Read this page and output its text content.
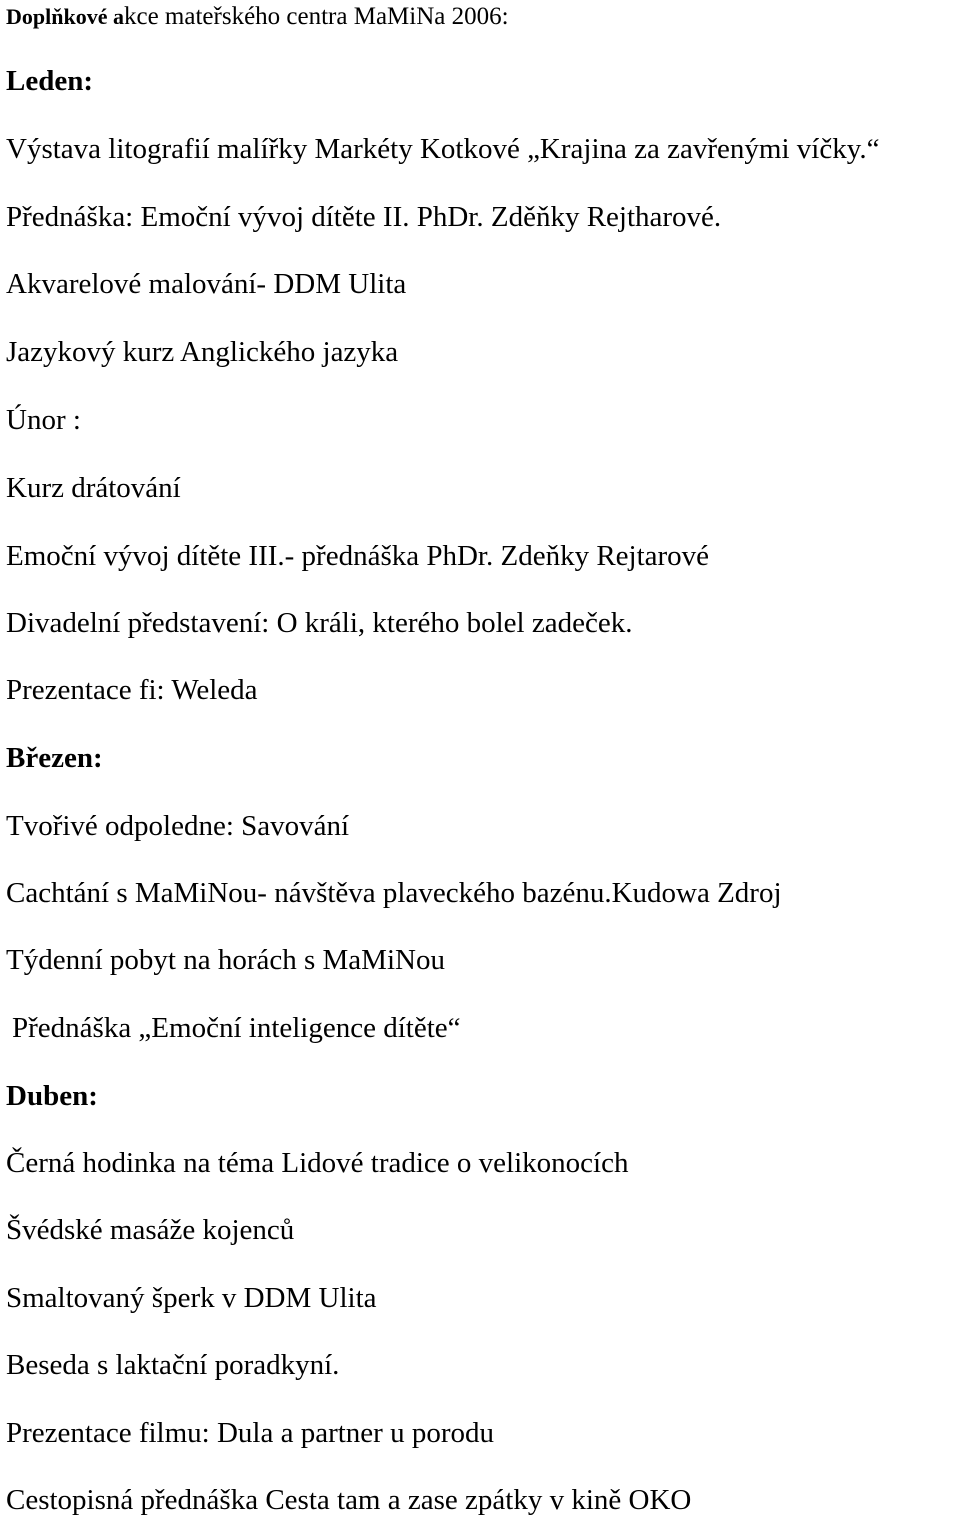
Doplňkové akce mateřského centra MaMiNa 2006:
Leden:
Výstava litografií malířky Markéty Kotkové „Krajina za zavřenými víčky.“
Přednáška: Emoční vývoj dítěte II. PhDr. Zděňky Rejtharové.
Akvarelové malování- DDM Ulita
Jazykový kurz Anglického jazyka
Únor :
Kurz drátování
Emoční vývoj dítěte III.- přednáška PhDr. Zdeňky Rejtarové
Divadelní představení: O králi, kterého bolel zadeček.
Prezentace fi: Weleda
Březen:
Tvořivé odpoledne: Savování
Cachtání s MaMiNou- návštěva plaveckého bazénu.Kudowa Zdroj
Týdenní pobyt na horách s MaMiNou
Přednáška „Emoční inteligence dítěte“
Duben:
Černá hodinka na téma Lidové tradice o velikonocích
Švédské masáže kojenců
Smaltovaný šperk v DDM Ulita
Beseda s laktační poradkyní.
Prezentace filmu: Dula a partner u porodu
Cestopisná přednáška Cesta tam a zase zpátky v kině OKO
